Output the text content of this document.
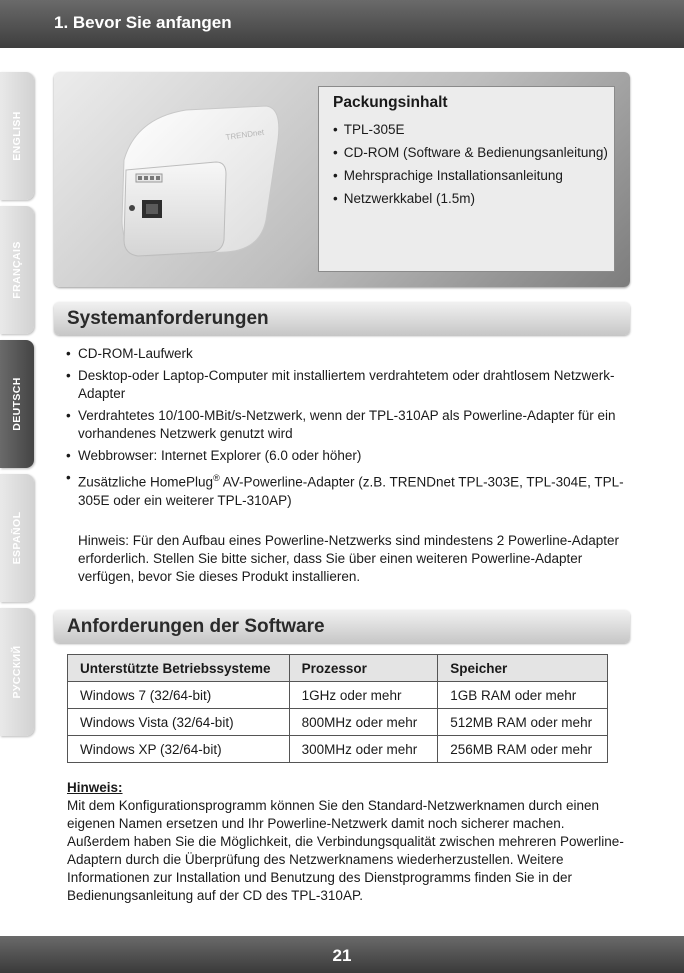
1. Bevor Sie anfangen
ENGLISH
FRANÇAIS
DEUTSCH
ESPAÑOL
РУССКИЙ
TRENDnet
Packungsinhalt
• TPL-305E
• CD-ROM (Software & Bedienungsanleitung)
• Mehrsprachige Installationsanleitung
• Netzwerkkabel (1.5m)
Systemanforderungen
• CD-ROM-Laufwerk
• Desktop-oder Laptop-Computer mit installiertem verdrahtetem oder drahtlosem Netzwerk-Adapter
• Verdrahtetes 10/100-MBit/s-Netzwerk, wenn der TPL-310AP als Powerline-Adapter für ein vorhandenes Netzwerk genutzt wird
• Webbrowser: Internet Explorer (6.0 oder höher)
• Zusätzliche HomePlug® AV-Powerline-Adapter (z.B. TRENDnet TPL-303E, TPL-304E, TPL-305E oder ein weiterer TPL-310AP)
Hinweis: Für den Aufbau eines Powerline-Netzwerks sind mindestens 2 Powerline-Adapter erforderlich. Stellen Sie bitte sicher, dass Sie über einen weiteren Powerline-Adapter verfügen, bevor Sie dieses Produkt installieren.
Anforderungen der Software
Unterstützte Betriebssysteme	Prozessor	Speicher
Windows 7 (32/64-bit)	1GHz oder mehr	1GB RAM oder mehr
Windows Vista (32/64-bit)	800MHz oder mehr	512MB RAM oder mehr
Windows XP (32/64-bit)	300MHz oder mehr	256MB RAM oder mehr
Hinweis:
Mit dem Konfigurationsprogramm können Sie den Standard-Netzwerknamen durch einen eigenen Namen ersetzen und Ihr Powerline-Netzwerk damit noch sicherer machen. Außerdem haben Sie die Möglichkeit, die Verbindungsqualität zwischen mehreren Powerline-Adaptern durch die Überprüfung des Netzwerknamens wiederherzustellen. Weitere Informationen zur Installation und Benutzung des Dienstprogramms finden Sie in der Bedienungsanleitung auf der CD des TPL-310AP.
21
